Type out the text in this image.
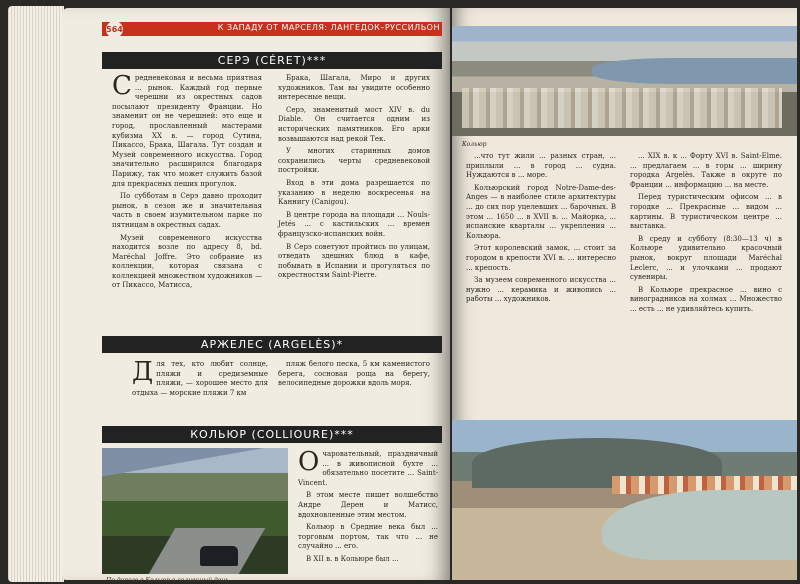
564	К ЗАПАДУ ОТ МАРСЕЛЯ: ЛАНГЕДОК–РУССИЛЬОН
СЕРЭ (CÉRET)***

Средневековая и весьма приятная ... рынок. Каждый год первые черешни из окрестных садов посылают президенту Франции. Но знаменит он не черешней: это еще и город, прославленный мастерами кубизма XX в. — город Сутина, Пикассо, Брака, Шагала. Тут создан и Музей современного искусства. Город значительно расширился благодаря Парижу, так что может служить базой для прекрасных пеших прогулок.

По субботам в Серэ давно проходит рынок, в сезон же и значительная часть в своем изумительном парке по пятницам в окрестных садах.

Музей современного искусства находится возле по адресу 8, bd. Maréchal Joffre. Это собрание из коллекции, которая связана с коллекцией множеством художников — от Пикассо, Матисса,

Брака, Шагала, Миро и других художников. Там вы увидите особенно интересные вещи.

Серэ, знаменитый мост XIV в. du Diable. Он считается одним из исторических памятников. Его арки возвышаются над рекой Тек.

У многих старинных домов сохранились черты средневековой постройки.

Вход в эти дома разрешается по указанию в неделю воскресенья на Каннигу (Canigou).

В центре города на площади ... Nouls-Jetés ... с кастильских ... времен французско-испанских войн.

В Серэ советуют пройтись по улицам, отведать здешних блюд в кафе, побывать в Испании и прогуляться по окрестностям Saint-Pierre.

АРЖЕЛЕС (ARGELÈS)*

Для тех, кто любит солнце, пляжи и средиземные пляжи, — хорошее место для отдыха — морские пляжи 7 км

пляж белого песка, 5 км каменистого берега, сосновая роща на берегу, велосипедные дорожки вдоль моря.

КОЛЬЮР (COLLIOURE)***
По дороге в Кольюр в солнечный день

Очаровательный, праздничный ... в живописной бухте ... обязательно посетите ... Saint-Vincent.

В этом месте пишет волшебство Андре Дерен и Матисс, вдохновленные этим местом.

Кольюр в Средние века был ... торговым портом, так что ... не случайно ... его.

В XII в. в Кольюре был ...

Кольюр

...что тут жили ... разных стран, ... приплыли ... в город ... судна. Нуждаются в ... море.

Кольюрский город Notre-Dame-des-Anges — в наиболее стиле архитектуры ... до сих пор уцелевших ... барочных. В этом ... 1650 ... в XVII в. ... Майорка, ... испанские кварталы ... укрепления ... Кольюра.

Этот королевский замок, ... стоит за городом в крепости XVI в. ... интересно ... крепость.

За музеем современного искусства ... нужно ... керамика и живопись ... работы ... художников.

... XIX в. к ... Форту XVI в. Saint-Elme. ... предлагаем ... в горы ... ширину городка Argelès. Также в округе по Франции ... информацию ... на месте.

Перед туристическим офисом ... в городке ... Прекрасные ... видом ... картины. В туристическом центре ... выставка.

В среду и субботу (8:30—13 ч) в Кольюре удивительно красочный рынок, вокруг площади Maréchal Leclerc, ... и улочками ... продают сувениры.

В Кольюре прекрасное ... вино с виноградников на холмах ... Множество ... есть ... не удивляйтесь купить.
